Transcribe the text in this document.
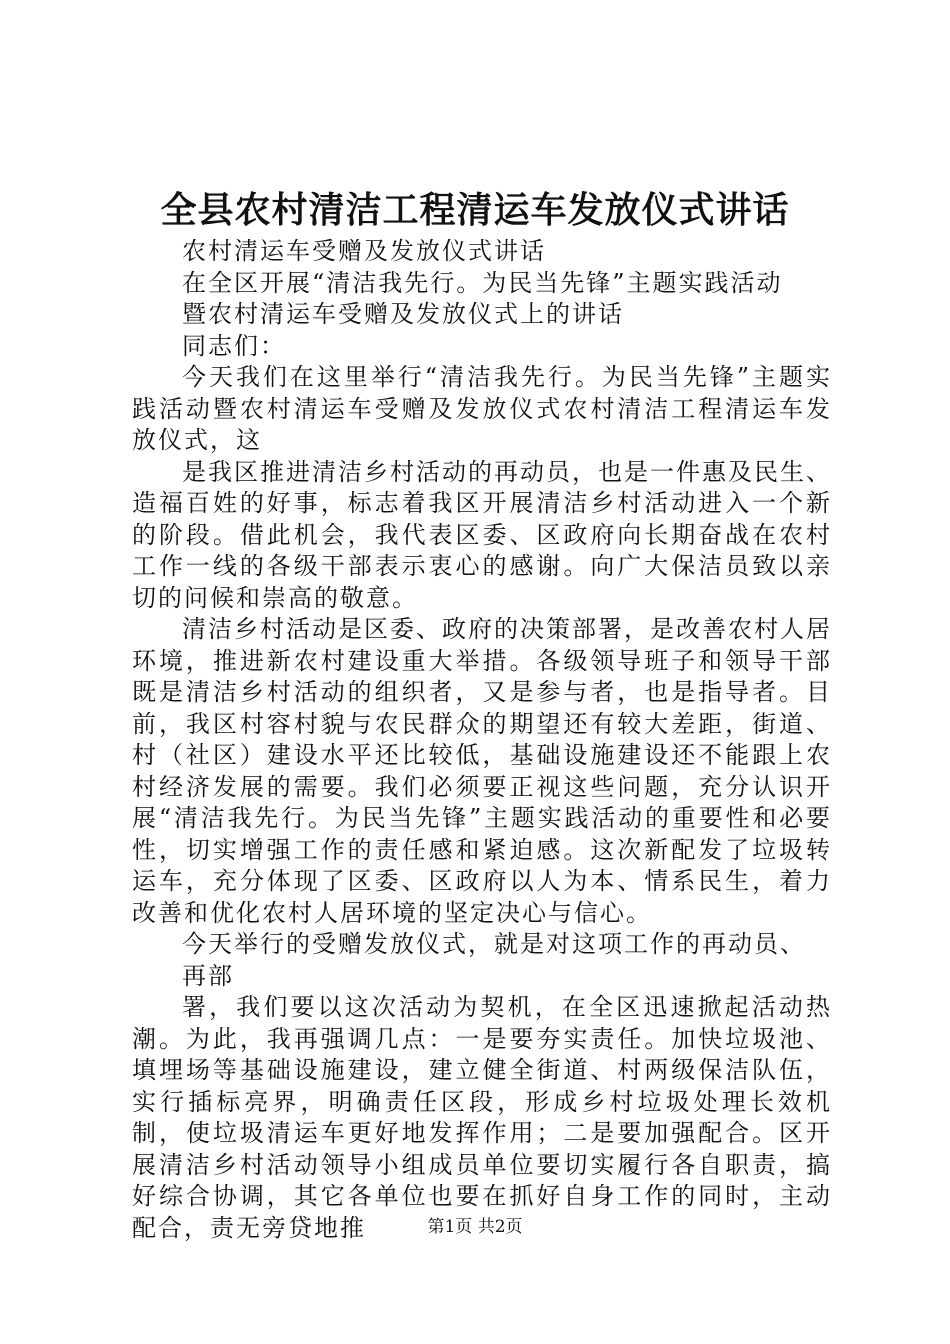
全县农村清洁工程清运车发放仪式讲话

农村清运车受赠及发放仪式讲话

在全区开展“清洁我先行。为民当先锋”主题实践活动

暨农村清运车受赠及发放仪式上的讲话

同志们：

今天我们在这里举行“清洁我先行。为民当先锋”主题实践活动暨农村清运车受赠及发放仪式农村清洁工程清运车发放仪式，这

是我区推进清洁乡村活动的再动员，也是一件惠及民生、造福百姓的好事，标志着我区开展清洁乡村活动进入一个新的阶段。借此机会，我代表区委、区政府向长期奋战在农村工作一线的各级干部表示衷心的感谢。向广大保洁员致以亲切的问候和崇高的敬意。

清洁乡村活动是区委、政府的决策部署，是改善农村人居环境，推进新农村建设重大举措。各级领导班子和领导干部既是清洁乡村活动的组织者，又是参与者，也是指导者。目前，我区村容村貌与农民群众的期望还有较大差距，街道、村（社区）建设水平还比较低，基础设施建设还不能跟上农村经济发展的需要。我们必须要正视这些问题，充分认识开展“清洁我先行。为民当先锋”主题实践活动的重要性和必要性，切实增强工作的责任感和紧迫感。这次新配发了垃圾转运车，充分体现了区委、区政府以人为本、情系民生，着力改善和优化农村人居环境的坚定决心与信心。

今天举行的受赠发放仪式，就是对这项工作的再动员、

再部

署，我们要以这次活动为契机，在全区迅速掀起活动热潮。为此，我再强调几点：一是要夯实责任。加快垃圾池、填埋场等基础设施建设，建立健全街道、村两级保洁队伍，实行插标亮界，明确责任区段，形成乡村垃圾处理长效机制，使垃圾清运车更好地发挥作用；二是要加强配合。区开展清洁乡村活动领导小组成员单位要切实履行各自职责，搞好综合协调，其它各单位也要在抓好自身工作的同时，主动配合，责无旁贷地推	第1页 共2页
